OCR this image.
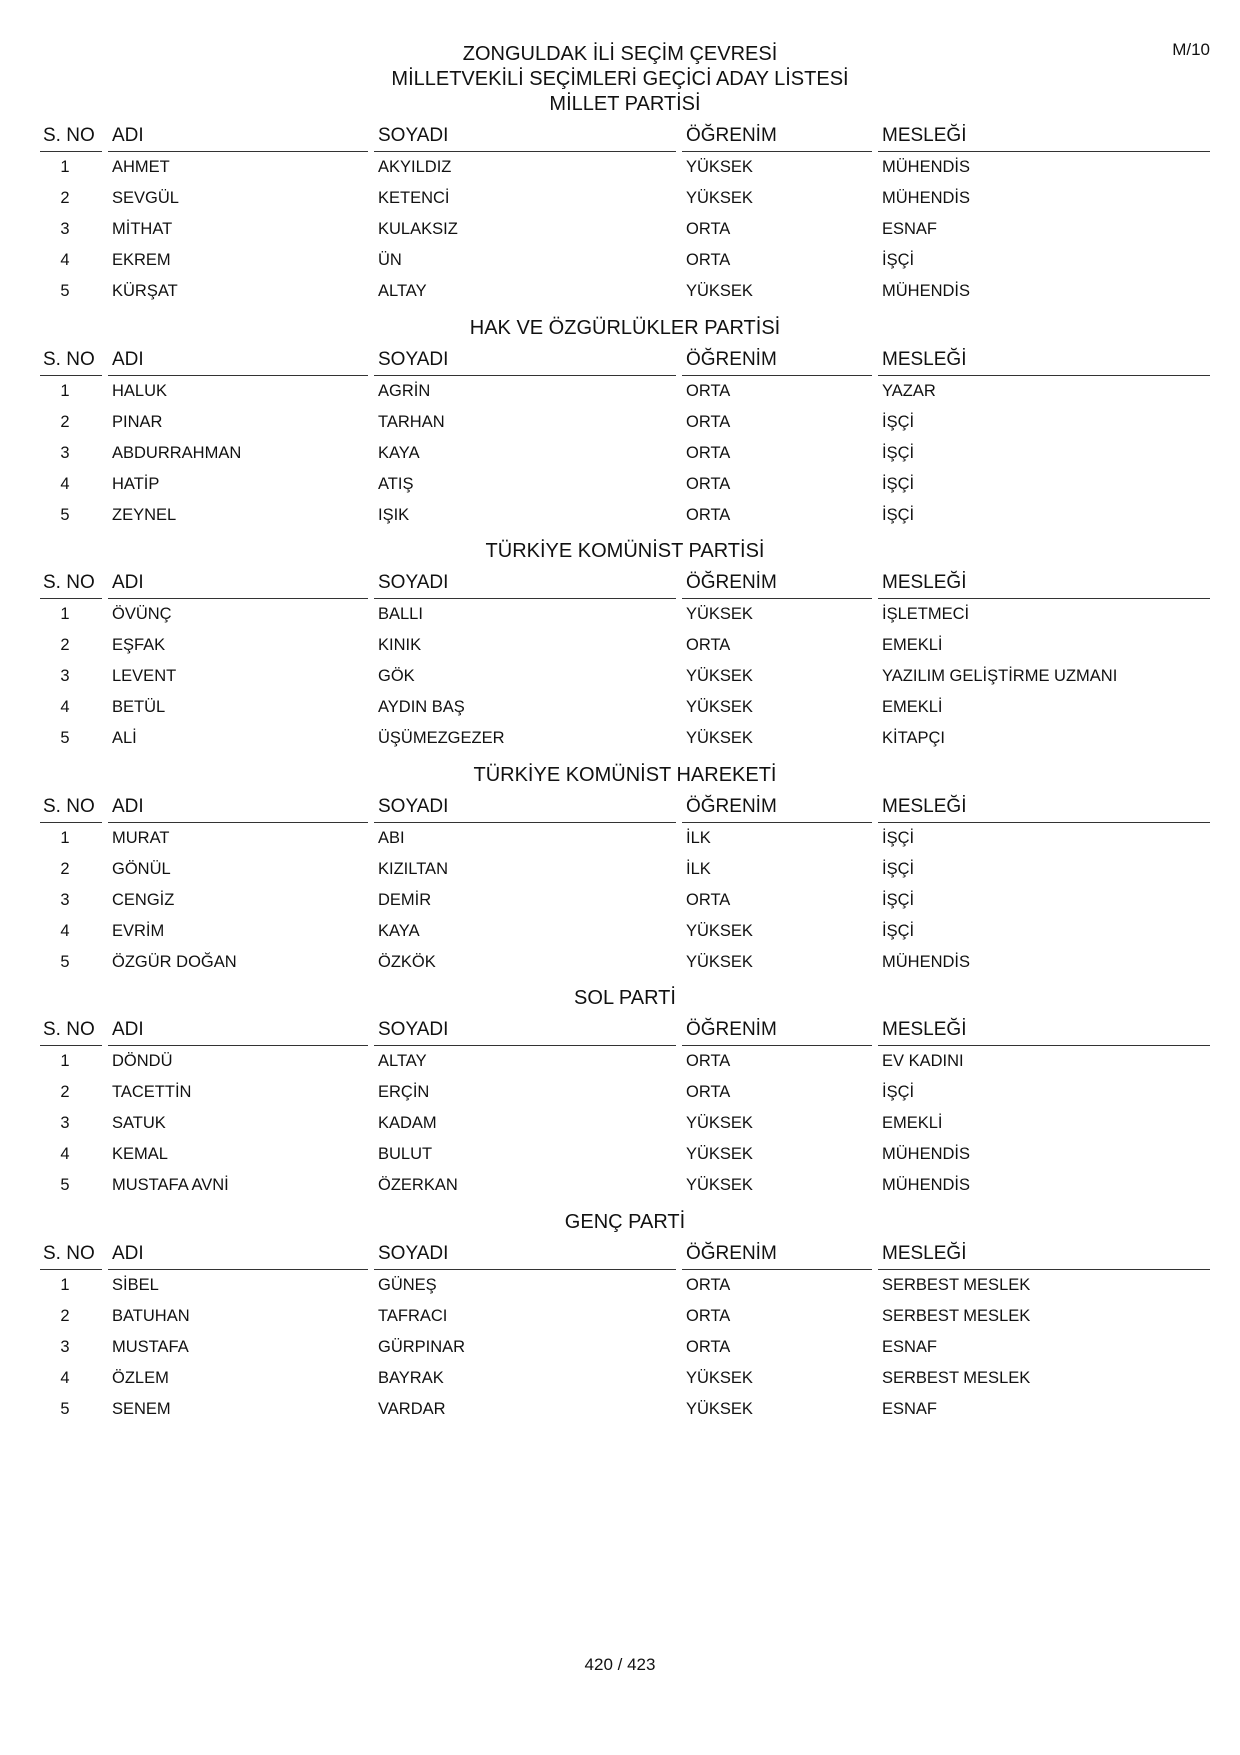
M/10
ZONGULDAK İLİ SEÇİM ÇEVRESİ
MİLLETVEKİLİ SEÇİMLERİ GEÇİCİ ADAY LİSTESİ
MİLLET PARTİSİ
S. NO ADI	SOYADI	ÖĞRENİM	MESLEĞİ
1	AHMET	AKYILDIZ	YÜKSEK	MÜHENDİS
2	SEVGÜL	KETENCİ	YÜKSEK	MÜHENDİS
3	MİTHAT	KULAKSIZ	ORTA	ESNAF
4	EKREM	ÜN	ORTA	İŞÇİ
5	KÜRŞAT	ALTAY	YÜKSEK	MÜHENDİS
HAK VE ÖZGÜRLÜKLER PARTİSİ
S. NO ADI	SOYADI	ÖĞRENİM	MESLEĞİ
1	HALUK	AGRİN	ORTA	YAZAR
2	PINAR	TARHAN	ORTA	İŞÇİ
3	ABDURRAHMAN	KAYA	ORTA	İŞÇİ
4	HATİP	ATIŞ	ORTA	İŞÇİ
5	ZEYNEL	IŞIK	ORTA	İŞÇİ
TÜRKİYE KOMÜNİST PARTİSİ
S. NO ADI	SOYADI	ÖĞRENİM	MESLEĞİ
1	ÖVÜNÇ	BALLI	YÜKSEK	İŞLETMECİ
2	EŞFAK	KINIK	ORTA	EMEKLİ
3	LEVENT	GÖK	YÜKSEK	YAZILIM GELİŞTİRME UZMANI
4	BETÜL	AYDIN BAŞ	YÜKSEK	EMEKLİ
5	ALİ	ÜŞÜMEZGEZER	YÜKSEK	KİTAPÇI
TÜRKİYE KOMÜNİST HAREKETİ
S. NO ADI	SOYADI	ÖĞRENİM	MESLEĞİ
1	MURAT	ABI	İLK	İŞÇİ
2	GÖNÜL	KIZILTAN	İLK	İŞÇİ
3	CENGİZ	DEMİR	ORTA	İŞÇİ
4	EVRİM	KAYA	YÜKSEK	İŞÇİ
5	ÖZGÜR DOĞAN	ÖZKÖK	YÜKSEK	MÜHENDİS
SOL PARTİ
S. NO ADI	SOYADI	ÖĞRENİM	MESLEĞİ
1	DÖNDÜ	ALTAY	ORTA	EV KADINI
2	TACETTİN	ERÇİN	ORTA	İŞÇİ
3	SATUK	KADAM	YÜKSEK	EMEKLİ
4	KEMAL	BULUT	YÜKSEK	MÜHENDİS
5	MUSTAFA AVNİ	ÖZERKAN	YÜKSEK	MÜHENDİS
GENÇ PARTİ
S. NO ADI	SOYADI	ÖĞRENİM	MESLEĞİ
1	SİBEL	GÜNEŞ	ORTA	SERBEST MESLEK
2	BATUHAN	TAFRACI	ORTA	SERBEST MESLEK
3	MUSTAFA	GÜRPINAR	ORTA	ESNAF
4	ÖZLEM	BAYRAK	YÜKSEK	SERBEST MESLEK
5	SENEM	VARDAR	YÜKSEK	ESNAF
420 / 423
